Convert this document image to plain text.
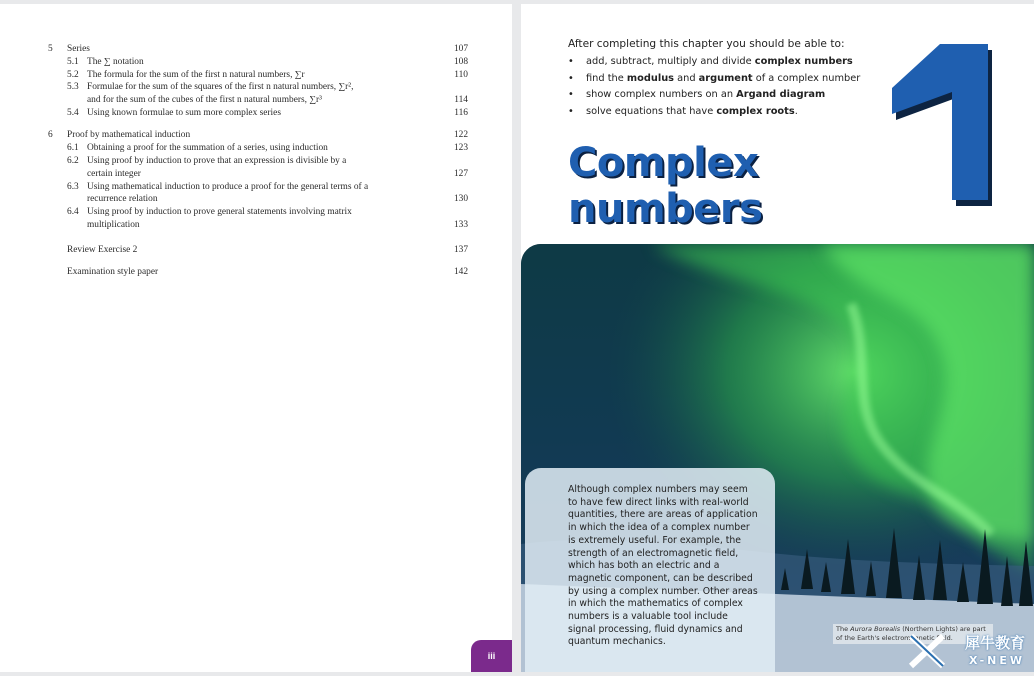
5 Series	107
5.1 The ∑ notation	108
5.2 The formula for the sum of the first n natural numbers, ∑r	110
5.3 Formulae for the sum of the squares of the first n natural numbers, ∑r²,
and for the sum of the cubes of the first n natural numbers, ∑r³	114
5.4 Using known formulae to sum more complex series	116
6 Proof by mathematical induction	122
6.1 Obtaining a proof for the summation of a series, using induction	123
6.2 Using proof by induction to prove that an expression is divisible by a
certain integer	127
6.3 Using mathematical induction to produce a proof for the general terms of a
recurrence relation	130
6.4 Using proof by induction to prove general statements involving matrix
multiplication	133
Review Exercise 2	137
Examination style paper	142
iii

After completing this chapter you should be able to:

• add, subtract, multiply and divide complex numbers
• find the modulus and argument of a complex number
• show complex numbers on an Argand diagram
• solve equations that have complex roots.
Complex
numbers
1

Although complex numbers may seem to have few direct links with real-world quantities, there are areas of application in which the idea of a complex number is extremely useful. For example, the strength of an electromagnetic field, which has both an electric and a magnetic component, can be described by using a complex number. Other areas in which the mathematics of complex numbers is a valuable tool include signal processing, fluid dynamics and quantum mechanics.

The Aurora Borealis (Northern Lights) are part of the Earth's electromagnetic field. 犀牛教育
X-NEW
